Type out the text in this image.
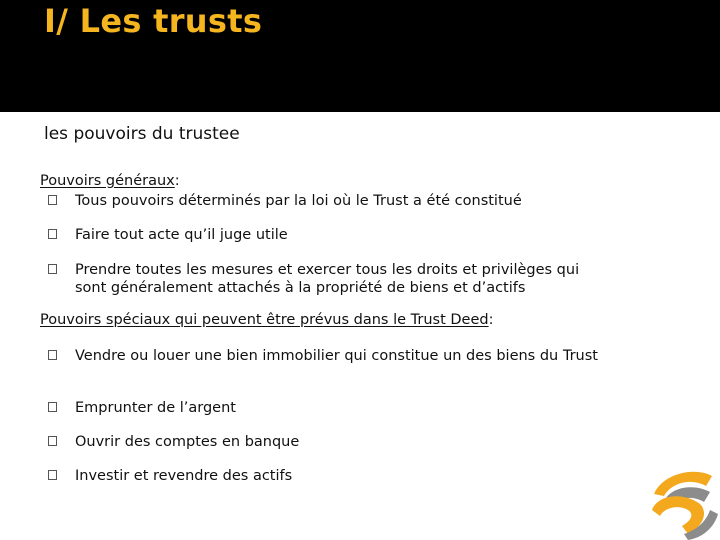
I/ Les trusts
les pouvoirs du trustee
Pouvoirs généraux:
Tous pouvoirs déterminés par la loi où le Trust a été constitué
Faire tout acte qu’il juge utile
Prendre toutes les mesures et exercer tous les droits et privilèges qui sont généralement attachés à la propriété de biens et d’actifs
Pouvoirs spéciaux qui peuvent être prévus dans le Trust Deed:
Vendre ou louer une bien immobilier qui constitue un des biens du Trust
Emprunter de l’argent
Ouvrir des comptes en banque
Investir et revendre des actifs
